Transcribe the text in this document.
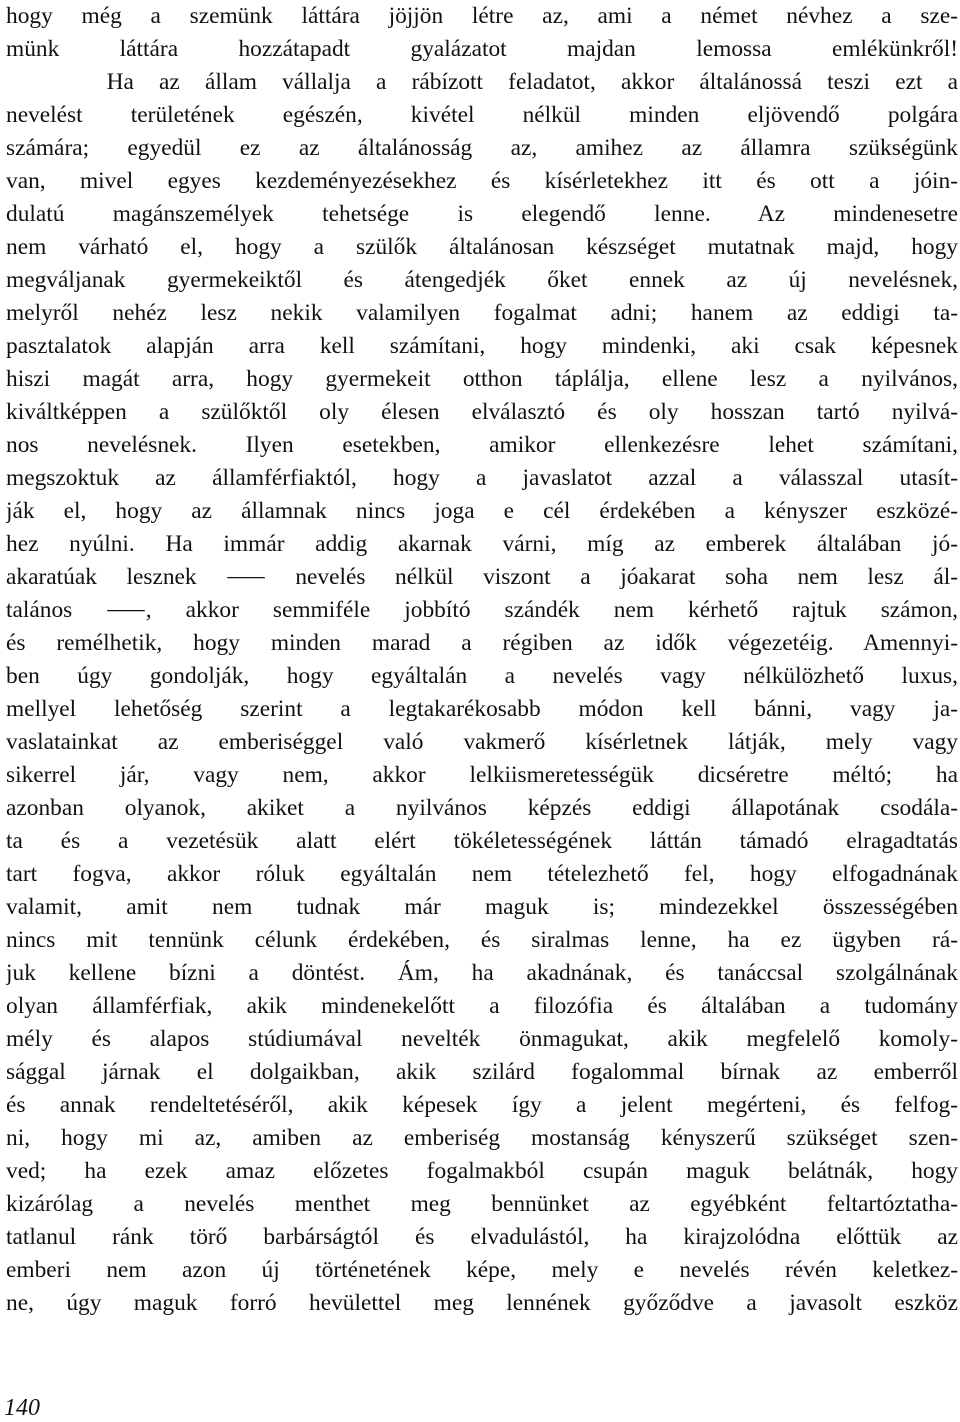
hogy még a szemünk láttára jöjjön létre az, ami a német névhez a sze-
münk láttára hozzátapadt gyalázatot majdan lemossa emlékünkről!
Ha az állam vállalja a rábízott feladatot, akkor általánossá teszi ezt a
nevelést területének egészén, kivétel nélkül minden eljövendő polgára
számára; egyedül ez az általánosság az, amihez az államra szükségünk
van, mivel egyes kezdeményezésekhez és kísérletekhez itt és ott a jóin-
dulatú magánszemélyek tehetsége is elegendő lenne. Az mindenesetre
nem várható el, hogy a szülők általánosan készséget mutatnak majd, hogy
megváljanak gyermekeiktől és átengedjék őket ennek az új nevelésnek,
melyről nehéz lesz nekik valamilyen fogalmat adni; hanem az eddigi ta-
pasztalatok alapján arra kell számítani, hogy mindenki, aki csak képesnek
hiszi magát arra, hogy gyermekeit otthon táplálja, ellene lesz a nyilvános,
kiváltképpen a szülőktől oly élesen elválasztó és oly hosszan tartó nyilvá-
nos nevelésnek. Ilyen esetekben, amikor ellenkezésre lehet számítani,
megszoktuk az államférfiaktól, hogy a javaslatot azzal a válasszal utasít-
ják el, hogy az államnak nincs joga e cél érdekében a kényszer eszközé-
hez nyúlni. Ha immár addig akarnak várni, míg az emberek általában jó-
akaratúak lesznek ⸺ nevelés nélkül viszont a jóakarat soha nem lesz ál-
talános ⸺, akkor semmiféle jobbító szándék nem kérhető rajtuk számon,
és remélhetik, hogy minden marad a régiben az idők végezetéig. Amennyi-
ben úgy gondolják, hogy egyáltalán a nevelés vagy nélkülözhető luxus,
mellyel lehetőség szerint a legtakarékosabb módon kell bánni, vagy ja-
vaslatainkat az emberiséggel való vakmerő kísérletnek látják, mely vagy
sikerrel jár, vagy nem, akkor lelkiismeretességük dicséretre méltó; ha
azonban olyanok, akiket a nyilvános képzés eddigi állapotának csodála-
ta és a vezetésük alatt elért tökéletességének láttán támadó elragadtatás
tart fogva, akkor róluk egyáltalán nem tételezhető fel, hogy elfogadnának
valamit, amit nem tudnak már maguk is; mindezekkel összességében
nincs mit tennünk célunk érdekében, és siralmas lenne, ha ez ügyben rá-
juk kellene bízni a döntést. Ám, ha akadnának, és tanáccsal szolgálnának
olyan államférfiak, akik mindenekelőtt a filozófia és általában a tudomány
mély és alapos stúdiumával nevelték önmagukat, akik megfelelő komoly-
sággal járnak el dolgaikban, akik szilárd fogalommal bírnak az emberről
és annak rendeltetéséről, akik képesek így a jelent megérteni, és felfog-
ni, hogy mi az, amiben az emberiség mostanság kényszerű szükséget szen-
ved; ha ezek amaz előzetes fogalmakból csupán maguk belátnák, hogy
kizárólag a nevelés menthet meg bennünket az egyébként feltartóztatha-
tatlanul ránk törő barbárságtól és elvadulástól, ha kirajzolódna előttük az
emberi nem azon új történetének képe, mely e nevelés révén keletkez-
ne, úgy maguk forró hevülettel meg lennének győződve a javasolt eszköz
140
